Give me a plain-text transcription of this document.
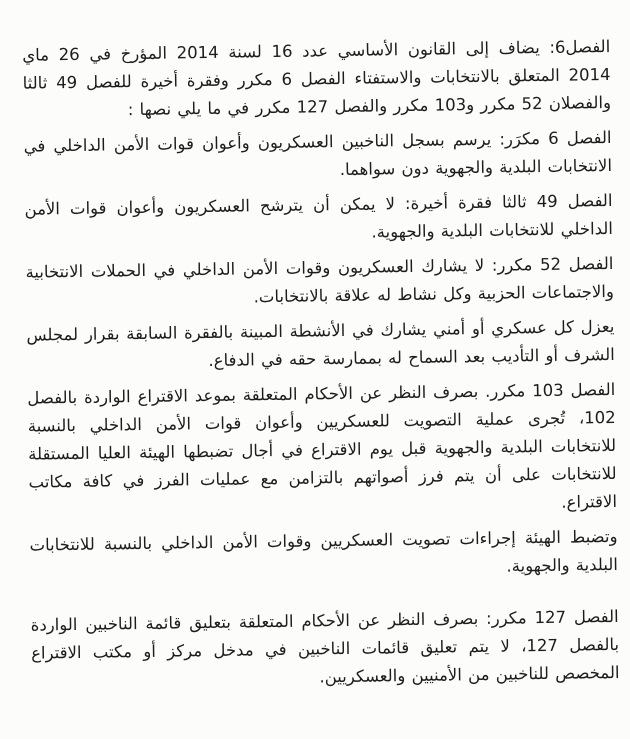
الفصل6: يضاف إلى القانون الأساسي عدد 16 لسنة 2014 المؤرخ في 26 ماي 2014 المتعلق بالانتخابات والاستفتاء الفصل 6 مكرر وفقرة أخيرة للفصل 49 ثالثا والفصلان 52 مكرر و103 مكرر والفصل 127 مكرر في ما يلي نصها :

الفصل 6 مكرَر: يرسم بسجل الناخبين العسكريون وأعوان قوات الأمن الداخلي في الانتخابات البلدية والجهوية دون سواهما.

الفصل 49 ثالثا فقرة أخيرة: لا يمكن أن يترشح العسكريون وأعوان قوات الأمن الداخلي للانتخابات البلدية والجهوية.

الفصل 52 مكرر: لا يشارك العسكريون وقوات الأمن الداخلي في الحملات الانتخابية والاجتماعات الحزبية وكل نشاط له علاقة بالانتخابات.

يعزل كل عسكري أو أمني يشارك في الأنشطة المبينة بالفقرة السابقة بقرار لمجلس الشرف أو التأديب بعد السماح له بممارسة حقه في الدفاع.

الفصل 103 مكرر. بصرف النظر عن الأحكام المتعلقة بموعد الاقتراع الواردة بالفصل 102، تُجرى عملية التصويت للعسكريين وأعوان قوات الأمن الداخلي بالنسبة للانتخابات البلدية والجهوية قبل يوم الاقتراع في أجال تضبطها الهيئة العليا المستقلة للانتخابات على أن يتم فرز أصواتهم بالتزامن مع عمليات الفرز في كافة مكاتب الاقتراع.

وتضبط الهيئة إجراءات تصويت العسكريين وقوات الأمن الداخلي بالنسبة للانتخابات البلدية والجهوية.

الفصل 127 مكرر: بصرف النظر عن الأحكام المتعلقة بتعليق قائمة الناخبين الواردة بالفصل 127، لا يتم تعليق قائمات الناخبين في مدخل مركز أو مكتب الاقتراع المخصص للناخبين من الأمنيين والعسكريين.
